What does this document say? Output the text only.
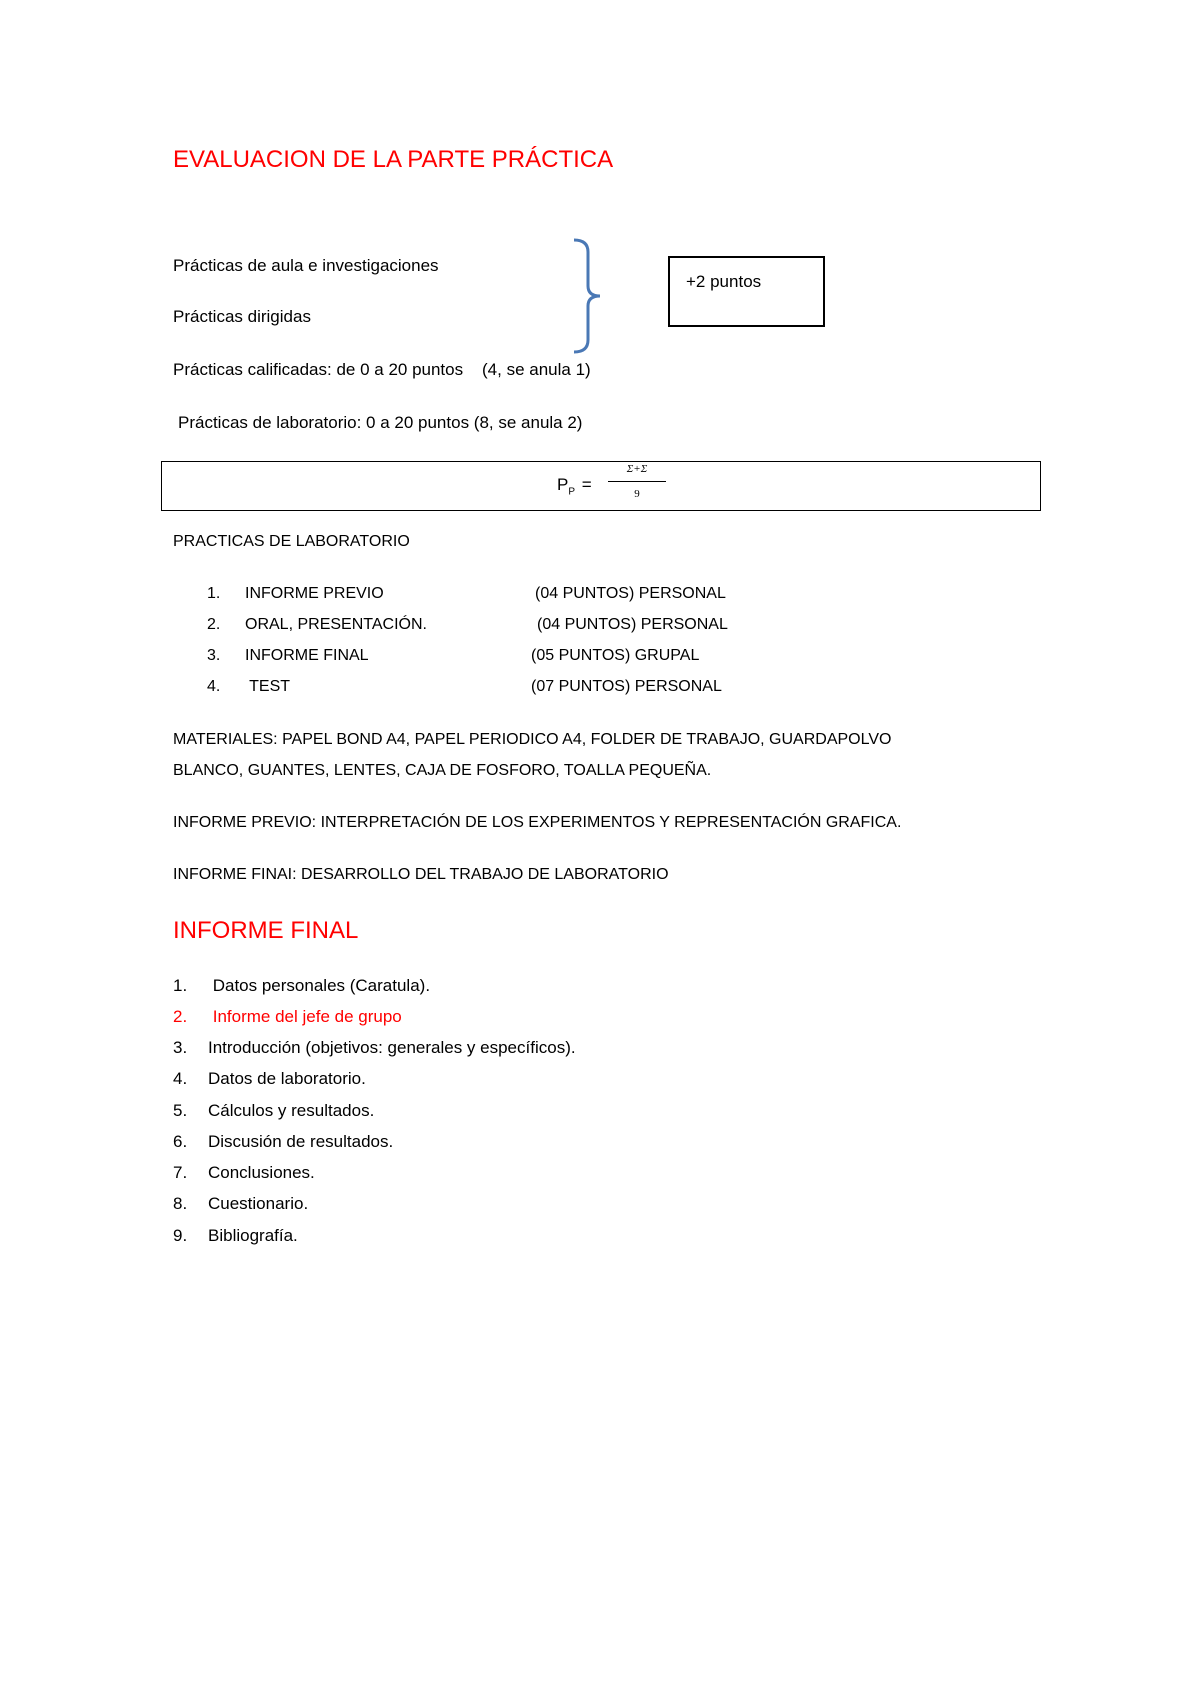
EVALUACION DE LA PARTE PRÁCTICA
Prácticas de aula e investigaciones
Prácticas dirigidas
+2 puntos
Prácticas calificadas: de 0 a 20 puntos    (4, se anula 1)
Prácticas de laboratorio: 0 a 20 puntos (8, se anula 2)
$P_P$ =
Σ+Σ
9
PRACTICAS DE LABORATORIO
1. INFORME PREVIO	(04 PUNTOS) PERSONAL
2. ORAL, PRESENTACIÓN.	(04 PUNTOS) PERSONAL
3. INFORME FINAL	(05 PUNTOS) GRUPAL
4. TEST	(07 PUNTOS) PERSONAL
MATERIALES: PAPEL BOND A4, PAPEL PERIODICO A4, FOLDER DE TRABAJO, GUARDAPOLVO
BLANCO, GUANTES, LENTES, CAJA DE FOSFORO, TOALLA PEQUEÑA.
INFORME PREVIO: INTERPRETACIÓN DE LOS EXPERIMENTOS Y REPRESENTACIÓN GRAFICA.
INFORME FINAI: DESARROLLO DEL TRABAJO DE LABORATORIO
INFORME FINAL
1. Datos personales (Caratula).
2. Informe del jefe de grupo
3. Introducción (objetivos: generales y específicos).
4. Datos de laboratorio.
5. Cálculos y resultados.
6. Discusión de resultados.
7. Conclusiones.
8. Cuestionario.
9. Bibliografía.
